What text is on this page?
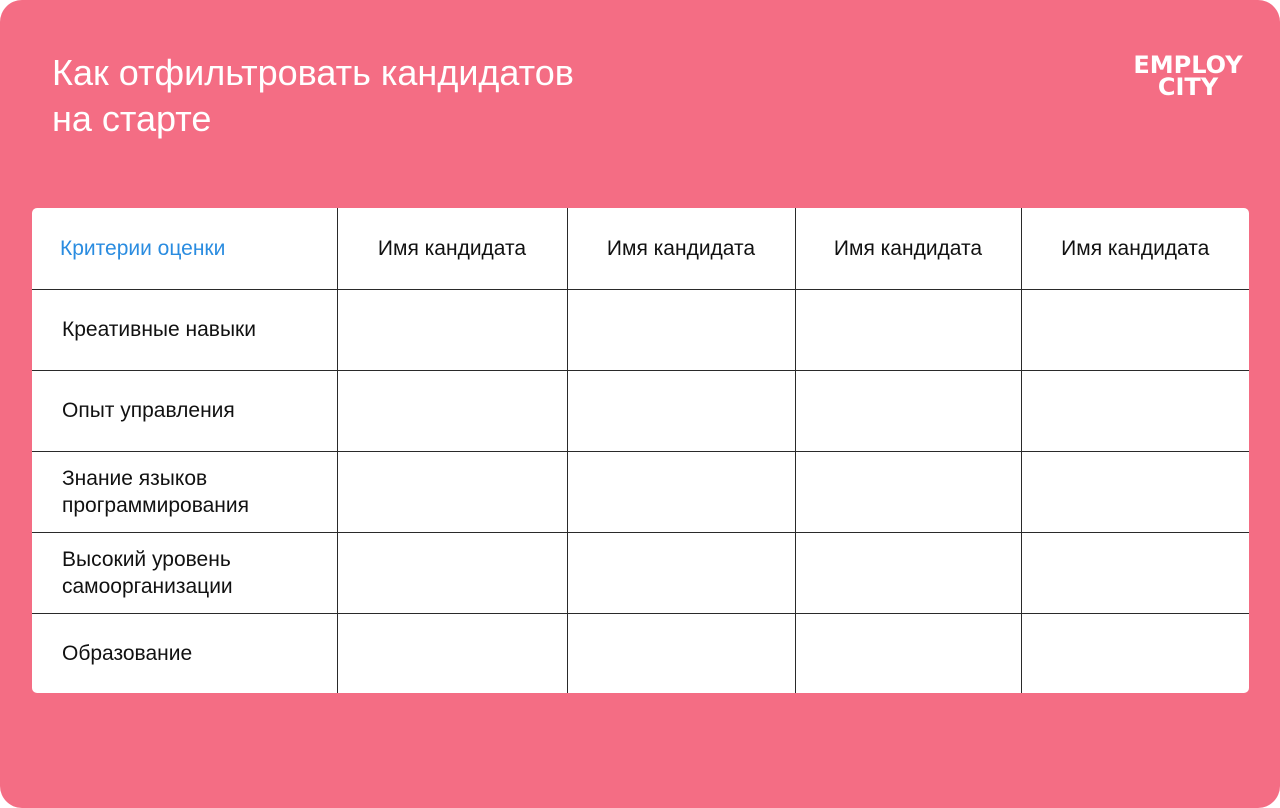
Как отфильтровать кандидатов
на старте
EMPLOY
CITY
Критерии оценки	Имя кандидата	Имя кандидата	Имя кандидата	Имя кандидата

Креативные навыки				

Опыт управления				

Знание языков
программирования				

Высокий уровень
самоорганизации				

Образование				
